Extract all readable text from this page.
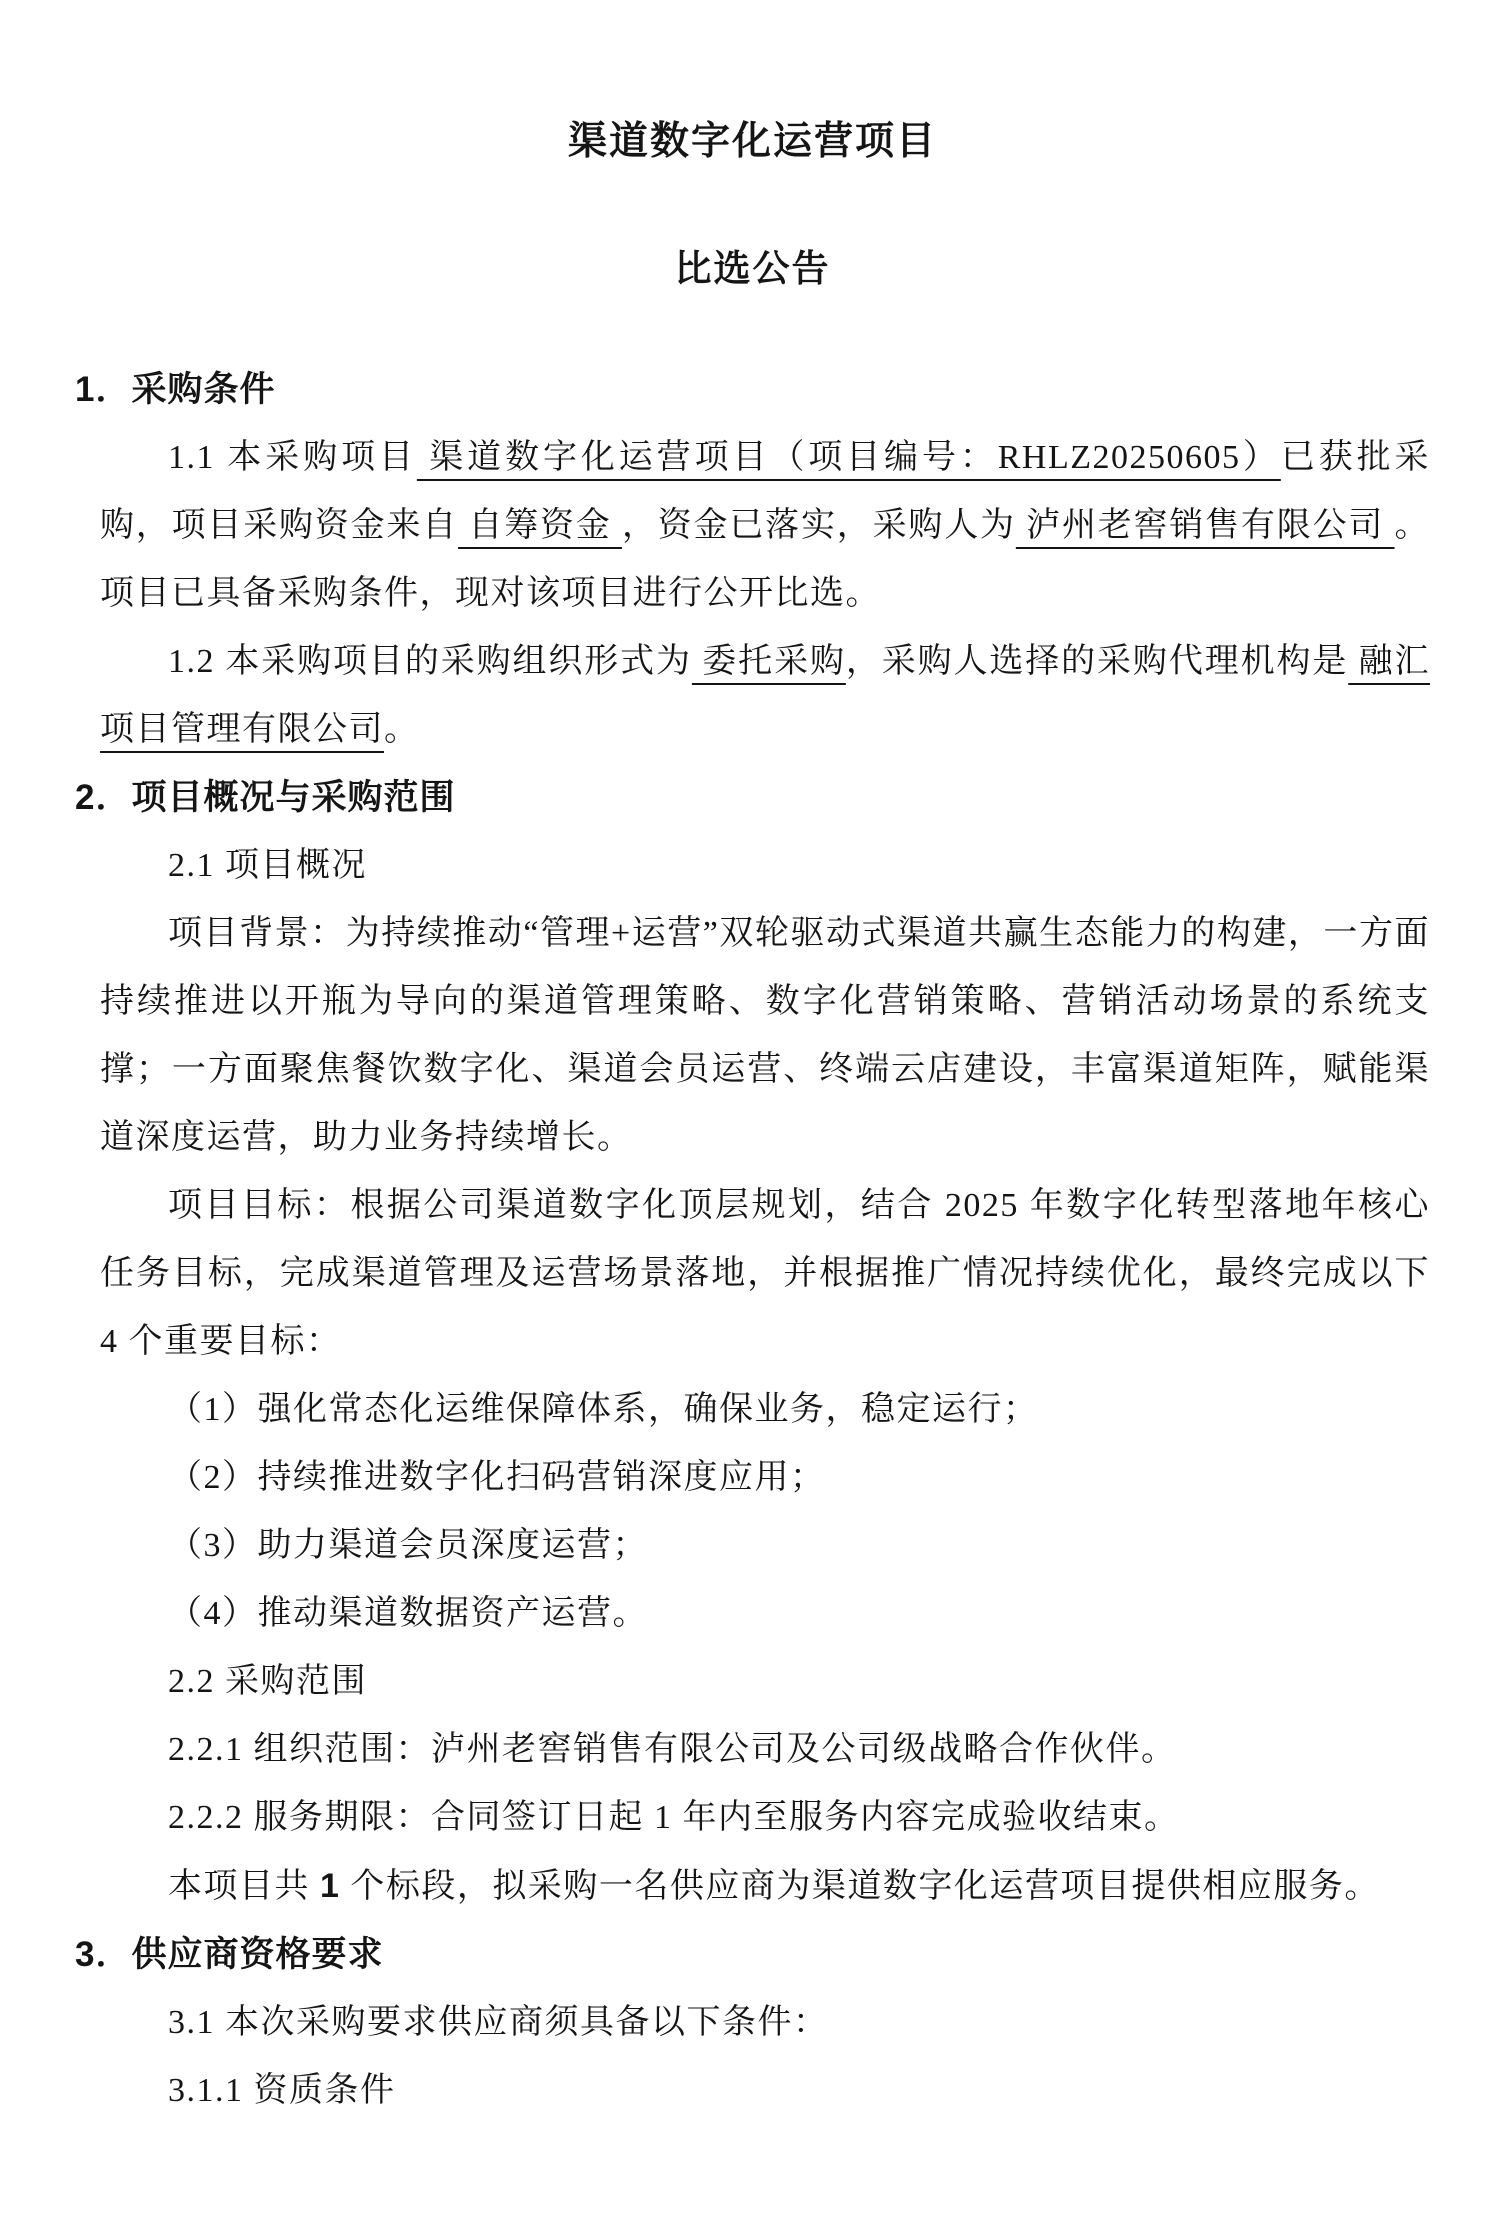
渠道数字化运营项目
比选公告
1．采购条件

1.1 本采购项目 渠道数字化运营项目（项目编号：RHLZ20250605）已获批采购，项目采购资金来自 自筹资金 ，资金已落实，采购人为 泸州老窖销售有限公司 。项目已具备采购条件，现对该项目进行公开比选。

1.2 本采购项目的采购组织形式为 委托采购，采购人选择的采购代理机构是 融汇项目管理有限公司。

2．项目概况与采购范围

2.1 项目概况

项目背景：为持续推动“管理+运营”双轮驱动式渠道共赢生态能力的构建，一方面持续推进以开瓶为导向的渠道管理策略、数字化营销策略、营销活动场景的系统支撑；一方面聚焦餐饮数字化、渠道会员运营、终端云店建设，丰富渠道矩阵，赋能渠道深度运营，助力业务持续增长。

项目目标：根据公司渠道数字化顶层规划，结合 2025 年数字化转型落地年核心任务目标，完成渠道管理及运营场景落地，并根据推广情况持续优化，最终完成以下 4 个重要目标：

（1）强化常态化运维保障体系，确保业务，稳定运行；
（2）持续推进数字化扫码营销深度应用；
（3）助力渠道会员深度运营；
（4）推动渠道数据资产运营。

2.2 采购范围

2.2.1 组织范围：泸州老窖销售有限公司及公司级战略合作伙伴。

2.2.2 服务期限：合同签订日起 1 年内至服务内容完成验收结束。

本项目共 1 个标段，拟采购一名供应商为渠道数字化运营项目提供相应服务。

3．供应商资格要求

3.1 本次采购要求供应商须具备以下条件：

3.1.1 资质条件
